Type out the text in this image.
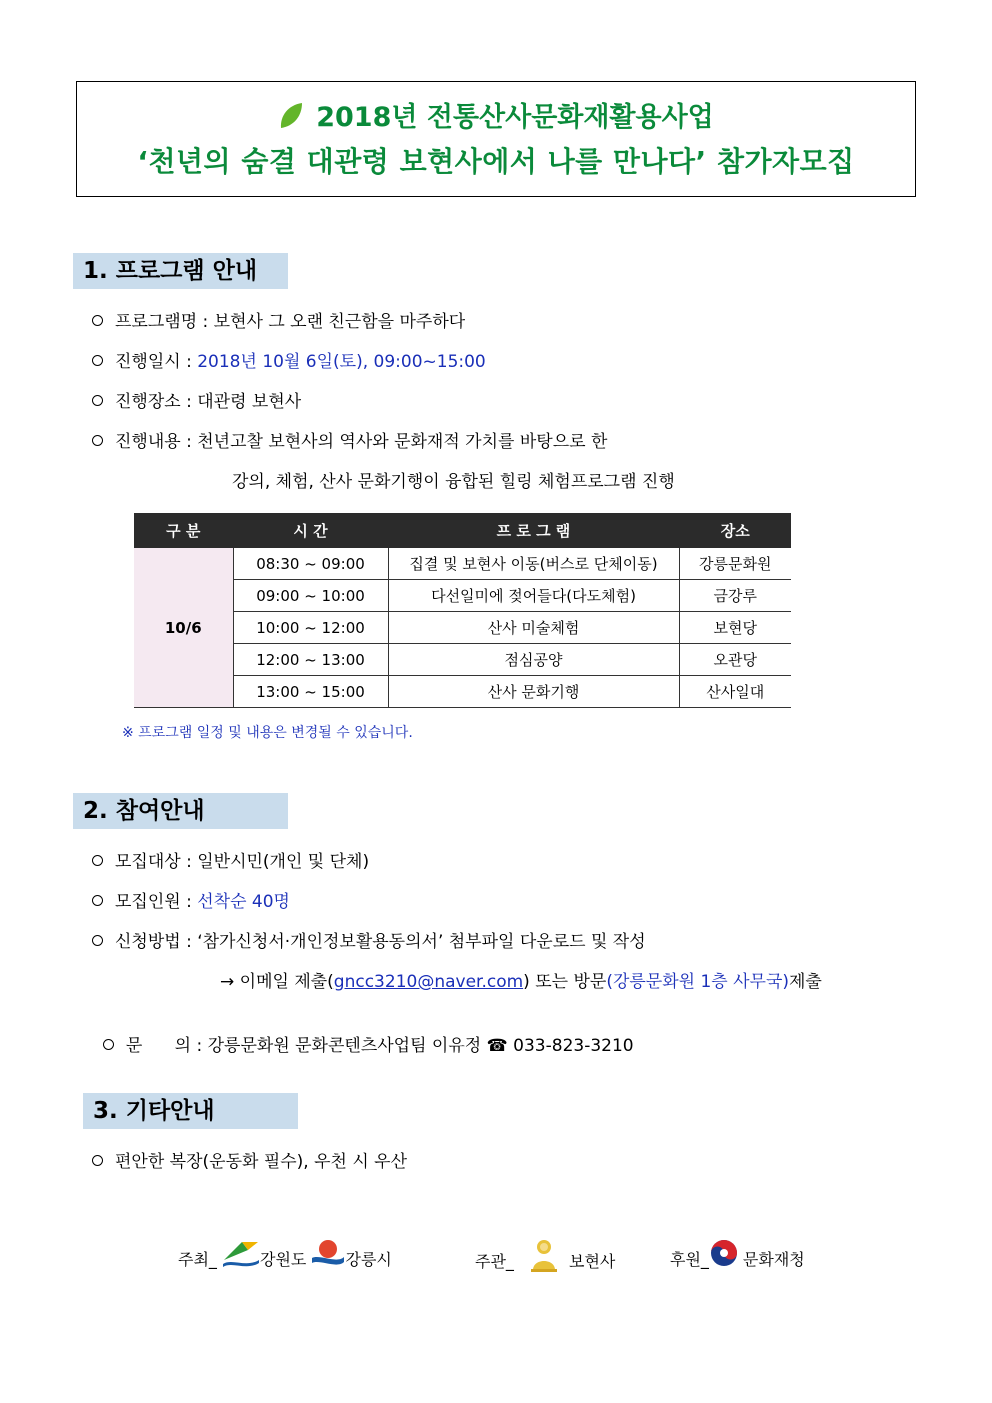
2018년 전통산사문화재활용사업
‘천년의 숨결 대관령 보현사에서 나를 만나다’ 참가자모집
1. 프로그램 안내
프로그램명 : 보현사 그 오랜 친근함을 마주하다
진행일시 : 2018년 10월 6일(토), 09:00~15:00
진행장소 : 대관령 보현사
진행내용 : 천년고찰 보현사의 역사와 문화재적 가치를 바탕으로 한
강의, 체험, 산사 문화기행이 융합된 힐링 체험프로그램 진행
구 분	시 간	프 로 그 램	장소
10/6	08:30 ~ 09:00	집결 및 보현사 이동(버스로 단체이동)	강릉문화원
	09:00 ~ 10:00	다선일미에 젖어들다(다도체험)	금강루
	10:00 ~ 12:00	산사 미술체험	보현당
	12:00 ~ 13:00	점심공양	오관당
	13:00 ~ 15:00	산사 문화기행	산사일대
※ 프로그램 일정 및 내용은 변경될 수 있습니다.
2. 참여안내
모집대상 : 일반시민(개인 및 단체)
모집인원 : 선착순 40명
신청방법 : ‘참가신청서·개인정보활용동의서’ 첨부파일 다운로드 및 작성
→ 이메일 제출(gncc3210@naver.com) 또는 방문(강릉문화원 1층 사무국)제출

문      의 : 강릉문화원 문화콘텐츠사업팀 이유정 ☎ 033-823-3210

3. 기타안내
편안한 복장(운동화 필수), 우천 시 우산
주최_	강원도 강릉시	주관_	보현사	후원_ 문화재청
